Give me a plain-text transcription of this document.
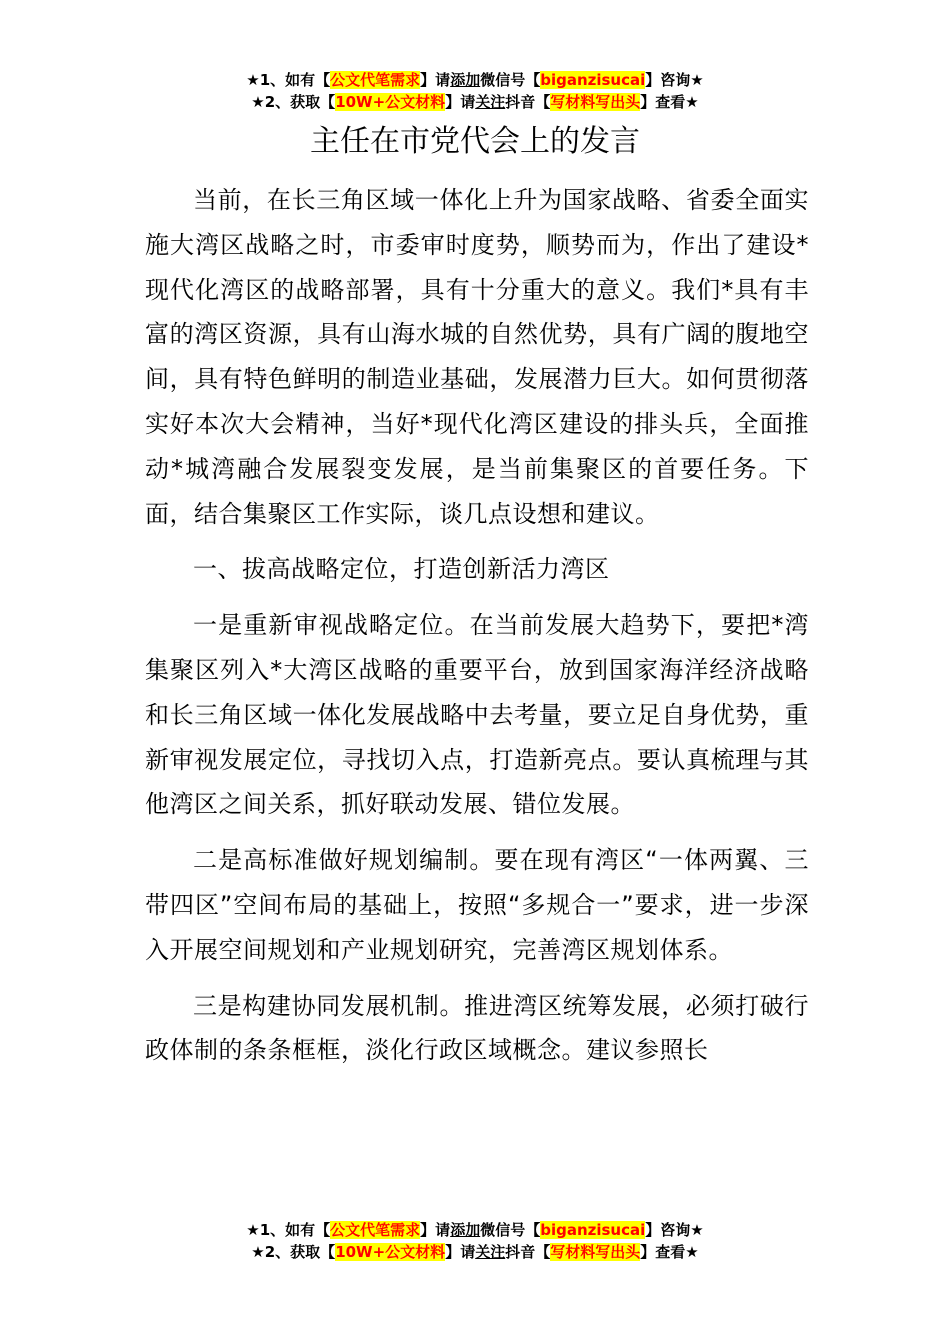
★1、如有【公文代笔需求】请添加微信号【biganzisucai】咨询★
★2、获取【10W+公文材料】请关注抖音【写材料写出头】查看★
主任在市党代会上的发言

当前，在长三角区域一体化上升为国家战略、省委全面实施大湾区战略之时，市委审时度势，顺势而为，作出了建设*现代化湾区的战略部署，具有十分重大的意义。我们*具有丰富的湾区资源，具有山海水城的自然优势，具有广阔的腹地空间，具有特色鲜明的制造业基础，发展潜力巨大。如何贯彻落实好本次大会精神，当好*现代化湾区建设的排头兵，全面推动*城湾融合发展裂变发展，是当前集聚区的首要任务。下面，结合集聚区工作实际，谈几点设想和建议。

一、拔高战略定位，打造创新活力湾区

一是重新审视战略定位。在当前发展大趋势下，要把*湾集聚区列入*大湾区战略的重要平台，放到国家海洋经济战略和长三角区域一体化发展战略中去考量，要立足自身优势，重新审视发展定位，寻找切入点，打造新亮点。要认真梳理与其他湾区之间关系，抓好联动发展、错位发展。

二是高标准做好规划编制。要在现有湾区“一体两翼、三带四区”空间布局的基础上，按照“多规合一”要求，进一步深入开展空间规划和产业规划研究，完善湾区规划体系。

三是构建协同发展机制。推进湾区统筹发展，必须打破行政体制的条条框框，淡化行政区域概念。建议参照长

★1、如有【公文代笔需求】请添加微信号【biganzisucai】咨询★
★2、获取【10W+公文材料】请关注抖音【写材料写出头】查看★
